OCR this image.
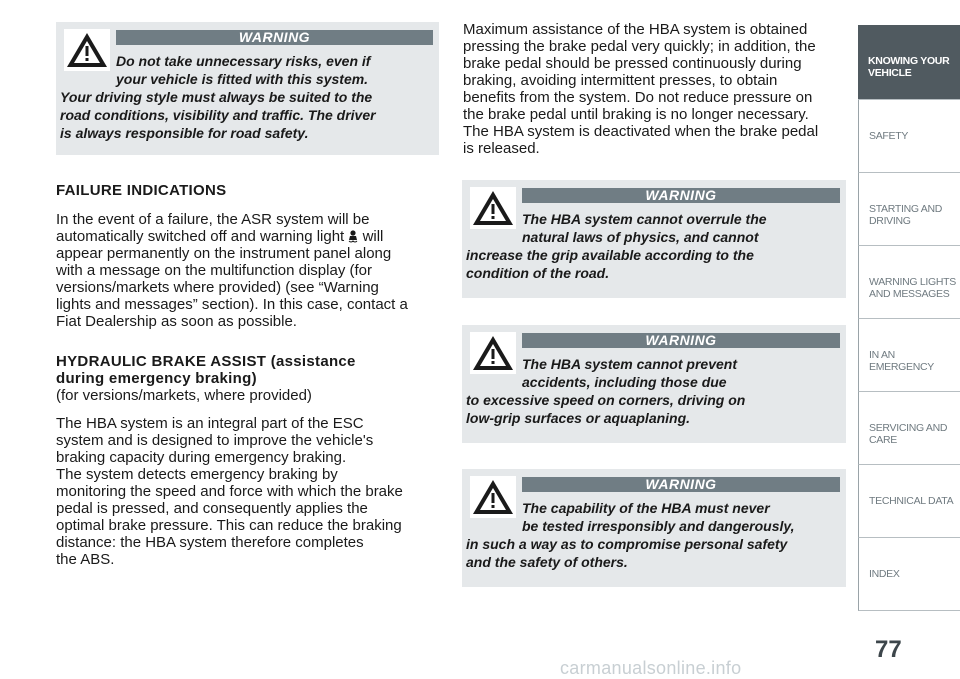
WARNING

Do not take unnecessary risks, even if

your vehicle is fitted with this system.

Your driving style must always be suited to the

road conditions, visibility and traffic. The driver

is always responsible for road safety.

FAILURE INDICATIONS

In the event of a failure, the ASR system will be

automatically switched off and warning light will

appear permanently on the instrument panel along

with a message on the multifunction display (for

versions/markets where provided) (see “Warning

lights and messages” section). In this case, contact a

Fiat Dealership as soon as possible.

HYDRAULIC BRAKE ASSIST (assistance
during emergency braking)
(for versions/markets, where provided)

The HBA system is an integral part of the ESC

system and is designed to improve the vehicle's

braking capacity during emergency braking.

The system detects emergency braking by

monitoring the speed and force with which the brake

pedal is pressed, and consequently applies the

optimal brake pressure. This can reduce the braking

distance: the HBA system therefore completes

the ABS.

Maximum assistance of the HBA system is obtained

pressing the brake pedal very quickly; in addition, the

brake pedal should be pressed continuously during

braking, avoiding intermittent presses, to obtain

benefits from the system. Do not reduce pressure on

the brake pedal until braking is no longer necessary.

The HBA system is deactivated when the brake pedal

is released.

WARNING

The HBA system cannot overrule the

natural laws of physics, and cannot

increase the grip available according to the

condition of the road.

WARNING

The HBA system cannot prevent

accidents, including those due

to excessive speed on corners, driving on

low-grip surfaces or aquaplaning.

WARNING

The capability of the HBA must never

be tested irresponsibly and dangerously,

in such a way as to compromise personal safety

and the safety of others.

KNOWING YOUR
VEHICLE
SAFETY
STARTING AND
DRIVING
WARNING LIGHTS
AND MESSAGES
IN AN EMERGENCY
SERVICING AND
CARE
TECHNICAL DATA
INDEX
77
carmanualsonline.info
